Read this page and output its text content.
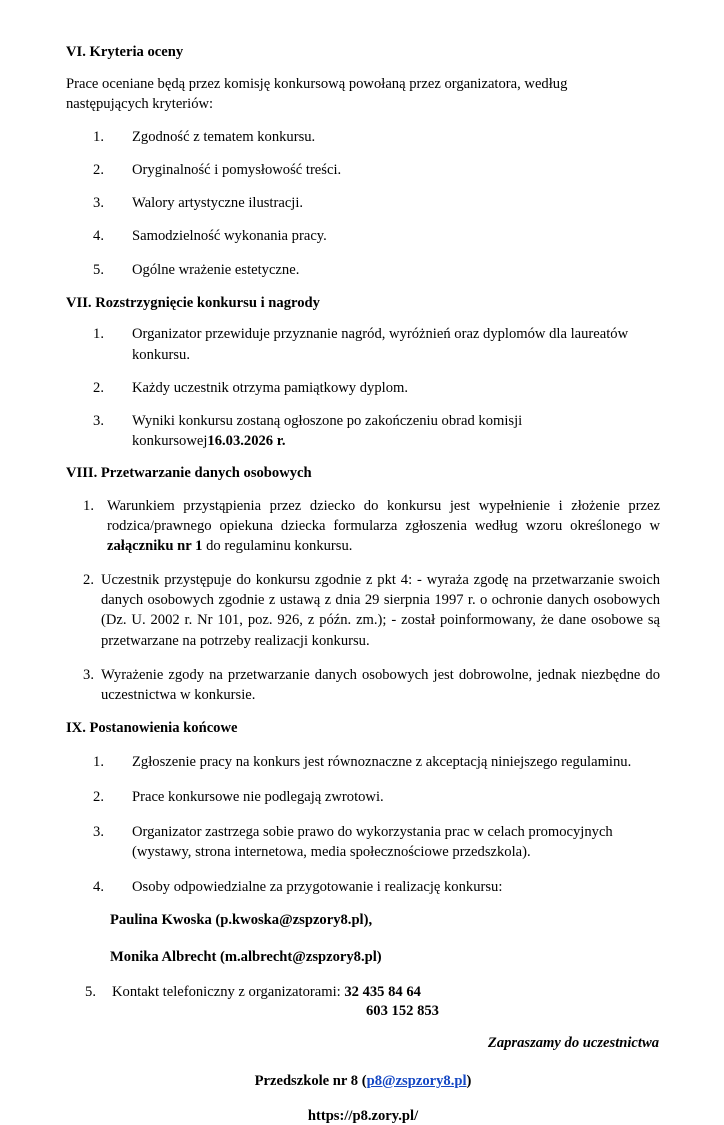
VI. Kryteria oceny

Prace oceniane będą przez komisję konkursową powołaną przez organizatora, według następujących kryteriów:

1. Zgodność z tematem konkursu.
2. Oryginalność i pomysłowość treści.
3. Walory artystyczne ilustracji.
4. Samodzielność wykonania pracy.
5. Ogólne wrażenie estetyczne.
VII. Rozstrzygnięcie konkursu i nagrody
1. Organizator przewiduje przyznanie nagród, wyróżnień oraz dyplomów dla laureatów konkursu.
2. Każdy uczestnik otrzyma pamiątkowy dyplom.
3. Wyniki konkursu zostaną ogłoszone po zakończeniu obrad komisji konkursowej16.03.2026 r.
VIII. Przetwarzanie danych osobowych
1. Warunkiem przystąpienia przez dziecko do konkursu jest wypełnienie i złożenie przez rodzica/prawnego opiekuna dziecka formularza zgłoszenia według wzoru określonego w załączniku nr 1 do regulaminu konkursu.
2. Uczestnik przystępuje do konkursu zgodnie z pkt 4: - wyraża zgodę na przetwarzanie swoich danych osobowych zgodnie z ustawą z dnia 29 sierpnia 1997 r. o ochronie danych osobowych (Dz. U. 2002 r. Nr 101, poz. 926, z późn. zm.); - został poinformowany, że dane osobowe są przetwarzane na potrzeby realizacji konkursu.
3. Wyrażenie zgody na przetwarzanie danych osobowych jest dobrowolne, jednak niezbędne do uczestnictwa w konkursie.
IX. Postanowienia końcowe
1. Zgłoszenie pracy na konkurs jest równoznaczne z akceptacją niniejszego regulaminu.
2. Prace konkursowe nie podlegają zwrotowi.
3. Organizator zastrzega sobie prawo do wykorzystania prac w celach promocyjnych (wystawy, strona internetowa, media społecznościowe przedszkola).
4. Osoby odpowiedzialne za przygotowanie i realizację konkursu:
Paulina Kwoska (p.kwoska@zspzory8.pl),
Monika Albrecht (m.albrecht@zspzory8.pl)
5. Kontakt telefoniczny z organizatorami: 32 435 84 64
603 152 853
Zapraszamy do uczestnictwa
Przedszkole nr 8 (p8@zspzory8.pl)
https://p8.zory.pl/
